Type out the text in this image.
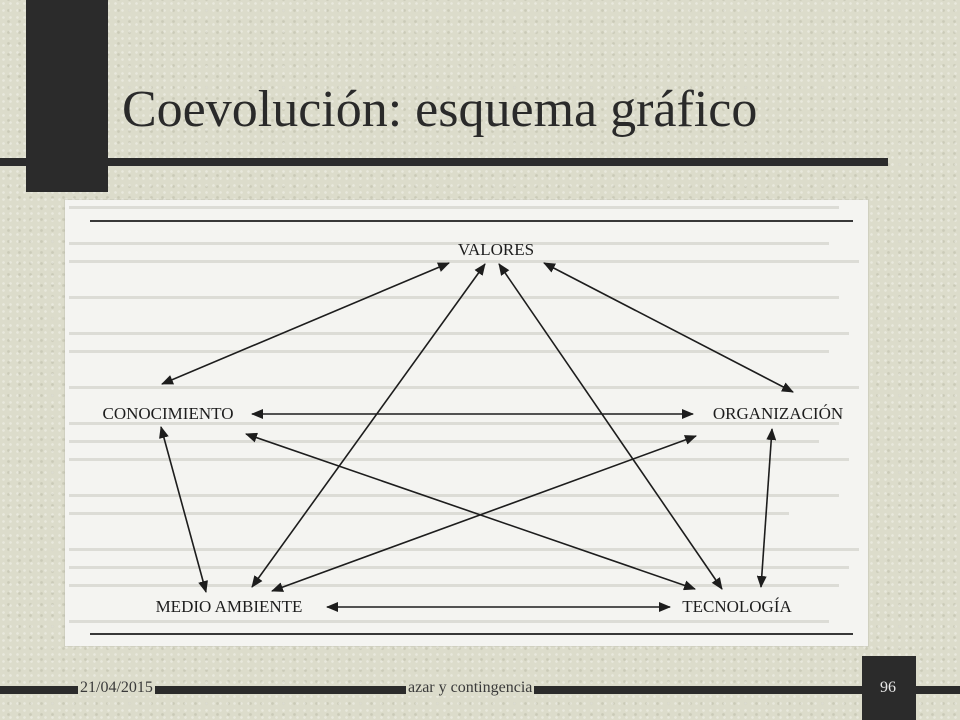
Coevolución: esquema gráfico
VALORES
CONOCIMIENTO	ORGANIZACIÓN
MEDIO AMBIENTE	TECNOLOGÍA
21/04/2015	azar y contingencia	96
